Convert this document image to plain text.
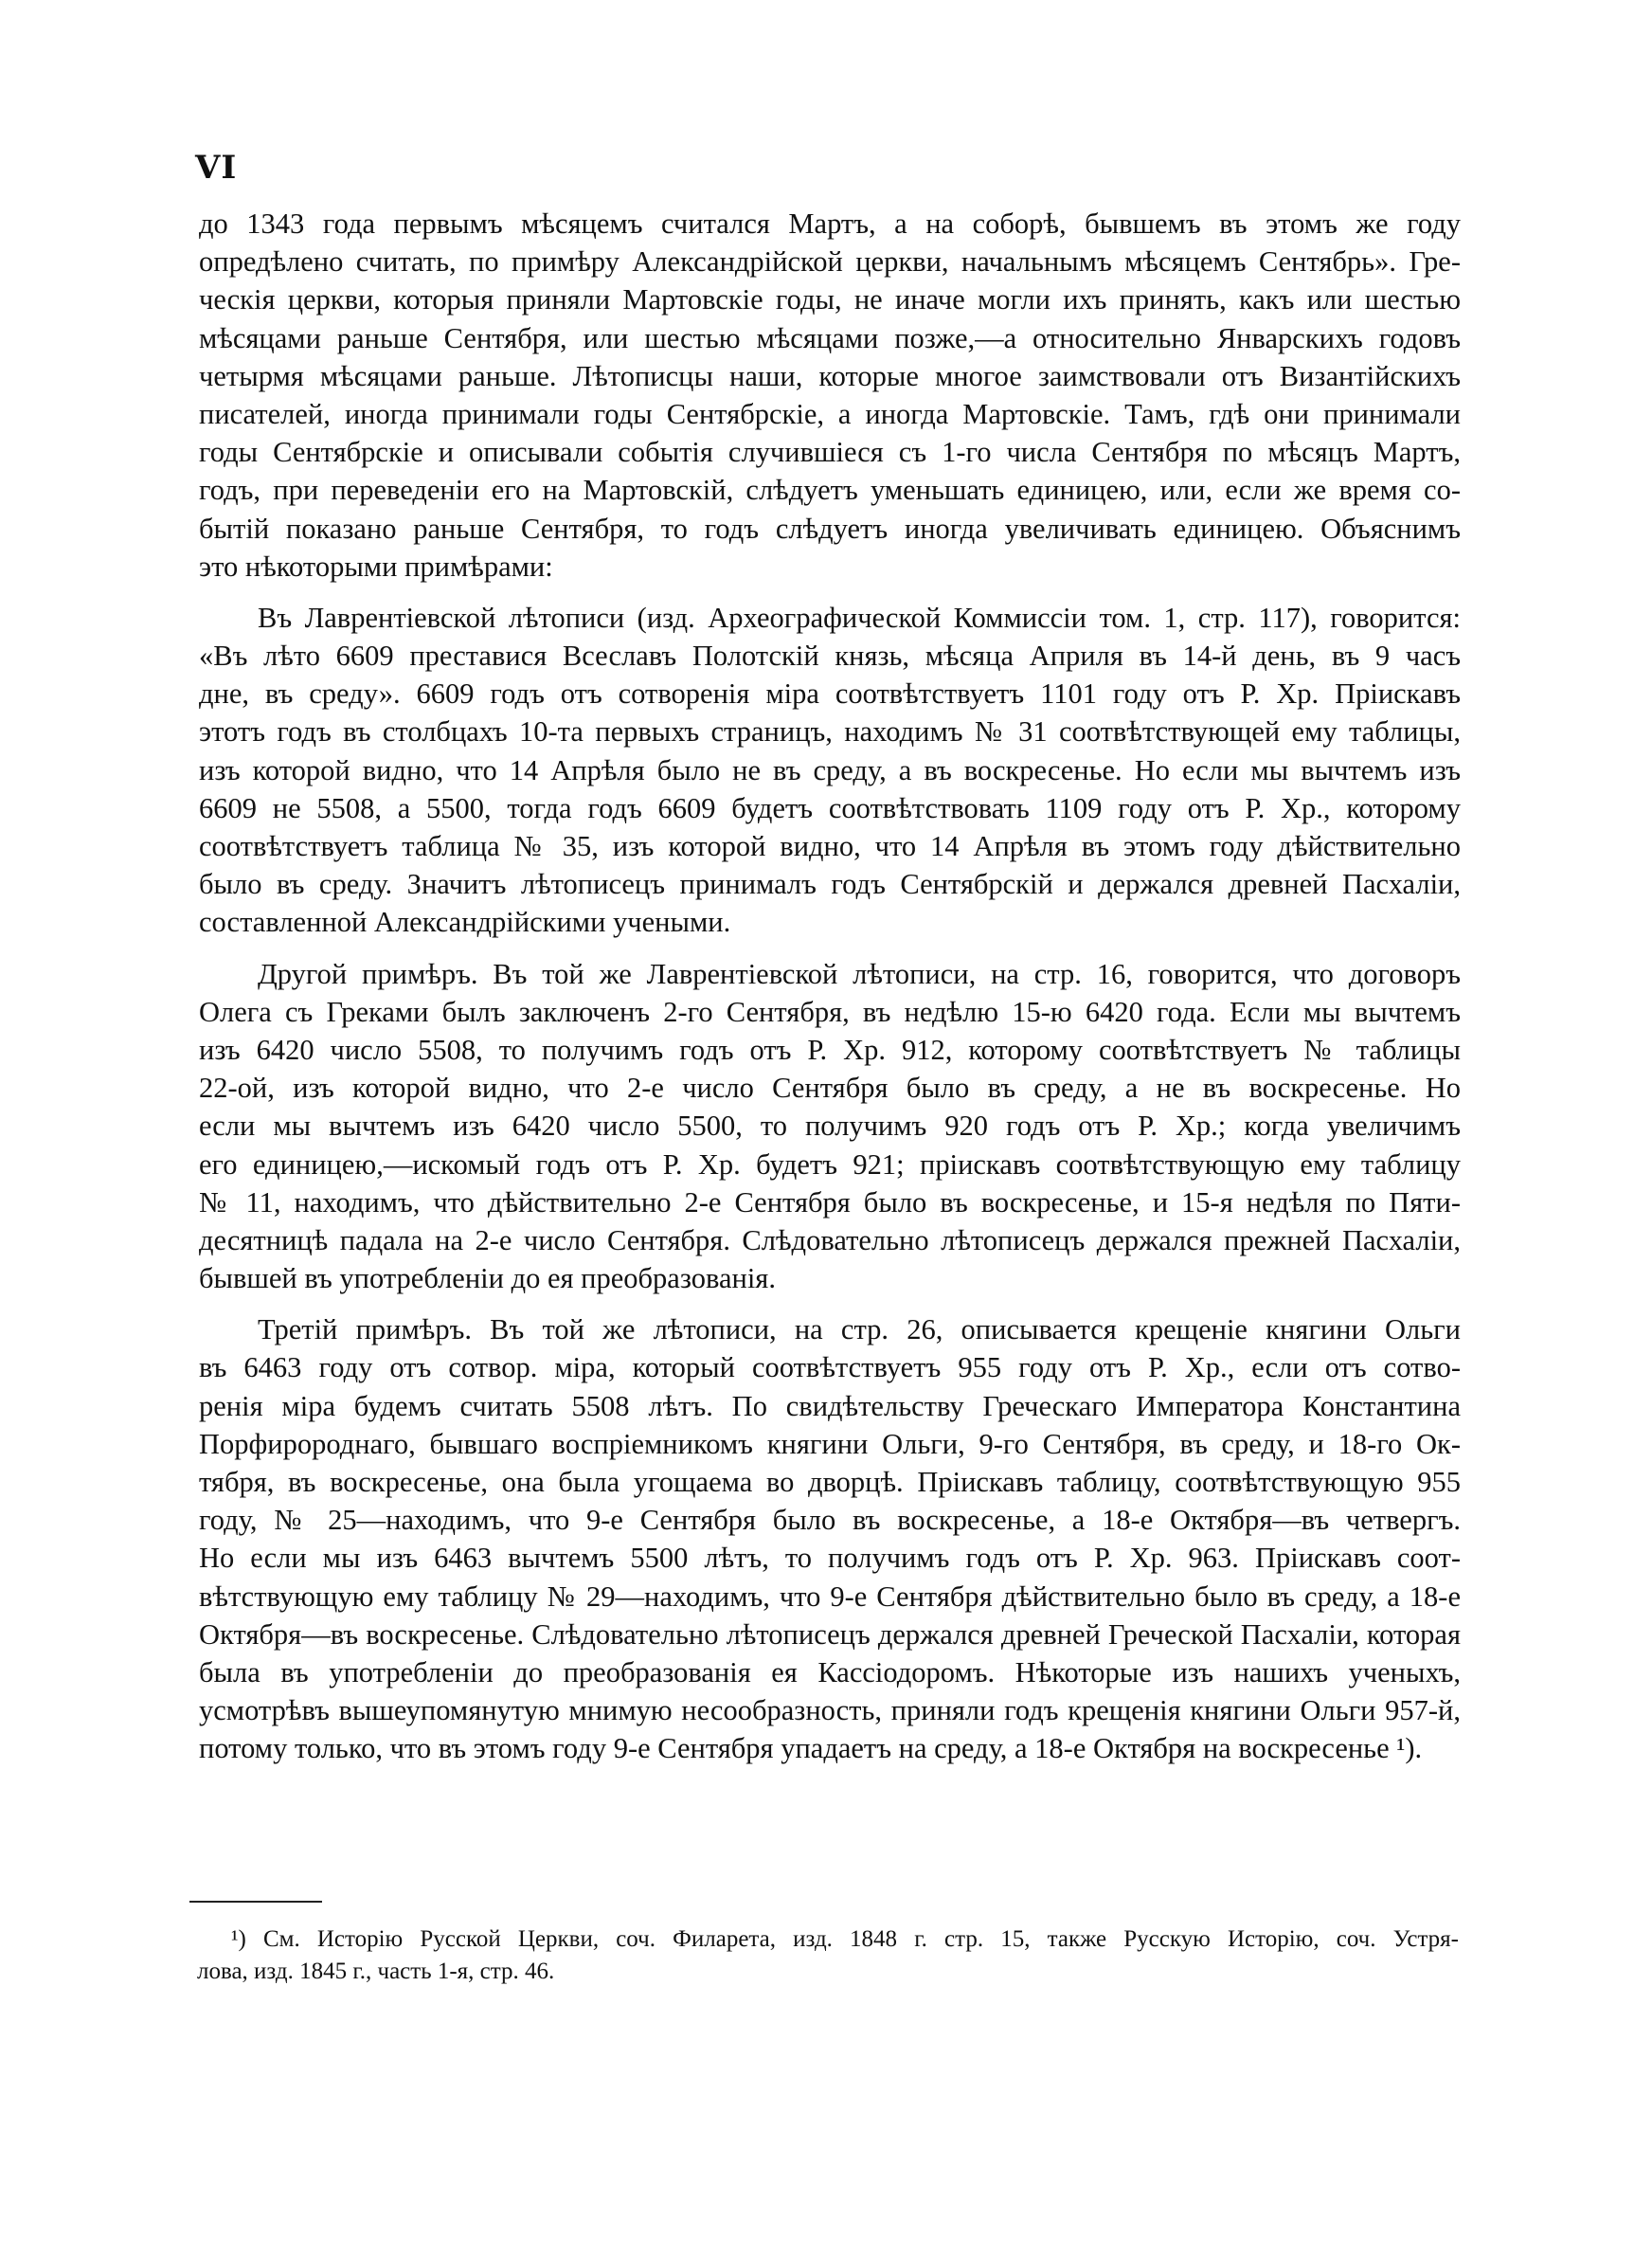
VI

до 1343 года первымъ мѣсяцемъ считался Мартъ, а на соборѣ, бывшемъ въ этомъ же году
опредѣлено считать, по примѣру Александрійской церкви, начальнымъ мѣсяцемъ Сентябрь». Гре-
ческія церкви, которыя приняли Мартовскіе годы, не иначе могли ихъ принять, какъ или шестью
мѣсяцами раньше Сентября, или шестью мѣсяцами позже,—а относительно Январскихъ годовъ
четырмя мѣсяцами раньше. Лѣтописцы наши, которые многое заимствовали отъ Византійскихъ
писателей, иногда принимали годы Сентябрскіе, а иногда Мартовскіе. Тамъ, гдѣ они принимали
годы Сентябрскіе и описывали событія случившіеся съ 1-го числа Сентября по мѣсяцъ Мартъ,
годъ, при переведеніи его на Мартовскій, слѣдуетъ уменьшать единицею, или, если же время со-
бытій показано раньше Сентября, то годъ слѣдуетъ иногда увеличивать единицею. Объяснимъ
это нѣкоторыми примѣрами:

Въ Лаврентіевской лѣтописи (изд. Археографической Коммиссіи том. 1, стр. 117), говорится:
«Въ лѣто 6609 преставися Всеславъ Полотскій князь, мѣсяца Априля въ 14-й день, въ 9 часъ
дне, въ среду». 6609 годъ отъ сотворенія міра соотвѣтствуетъ 1101 году отъ Р. Хр. Пріискавъ
этотъ годъ въ столбцахъ 10-та первыхъ страницъ, находимъ № 31 соотвѣтствующей ему таблицы,
изъ которой видно, что 14 Апрѣля было не въ среду, а въ воскресенье. Но если мы вычтемъ изъ
6609 не 5508, а 5500, тогда годъ 6609 будетъ соотвѣтствовать 1109 году отъ Р. Хр., которому
соотвѣтствуетъ таблица № 35, изъ которой видно, что 14 Апрѣля въ этомъ году дѣйствительно
было въ среду. Значитъ лѣтописецъ принималъ годъ Сентябрскій и держался древней Пасхаліи,
составленной Александрійскими учеными.

Другой примѣръ. Въ той же Лаврентіевской лѣтописи, на стр. 16, говорится, что договоръ
Олега съ Греками былъ заключенъ 2-го Сентября, въ недѣлю 15-ю 6420 года. Если мы вычтемъ
изъ 6420 число 5508, то получимъ годъ отъ Р. Хр. 912, которому соотвѣтствуетъ № таблицы
22-ой, изъ которой видно, что 2-е число Сентября было въ среду, а не въ воскресенье. Но
если мы вычтемъ изъ 6420 число 5500, то получимъ 920 годъ отъ Р. Хр.; когда увеличимъ
его единицею,—искомый годъ отъ Р. Хр. будетъ 921; пріискавъ соотвѣтствующую ему таблицу
№ 11, находимъ, что дѣйствительно 2-е Сентября было въ воскресенье, и 15-я недѣля по Пяти-
десятницѣ падала на 2-е число Сентября. Слѣдовательно лѣтописецъ держался прежней Пасхаліи,
бывшей въ употребленіи до ея преобразованія.

Третій примѣръ. Въ той же лѣтописи, на стр. 26, описывается крещеніе княгини Ольги
въ 6463 году отъ сотвор. міра, который соотвѣтствуетъ 955 году отъ Р. Хр., если отъ сотво-
ренія міра будемъ считать 5508 лѣтъ. По свидѣтельству Греческаго Императора Константина
Порфиророднаго, бывшаго воспріемникомъ княгини Ольги, 9-го Сентября, въ среду, и 18-го Ок-
тября, въ воскресенье, она была угощаема во дворцѣ. Пріискавъ таблицу, соотвѣтствующую 955
году, № 25—находимъ, что 9-е Сентября было въ воскресенье, а 18-е Октября—въ четвергъ.
Но если мы изъ 6463 вычтемъ 5500 лѣтъ, то получимъ годъ отъ Р. Хр. 963. Пріискавъ соот-
вѣтствующую ему таблицу № 29—находимъ, что 9-е Сентября дѣйствительно было въ среду, а 18-е
Октября—въ воскресенье. Слѣдовательно лѣтописецъ держался древней Греческой Пасхаліи, которая
была въ употребленіи до преобразованія ея Кассіодоромъ. Нѣкоторые изъ нашихъ ученыхъ,
усмотрѣвъ вышеупомянутую мнимую несообразность, приняли годъ крещенія княгини Ольги 957-й,
потому только, что въ этомъ году 9-е Сентября упадаетъ на среду, а 18-е Октября на воскресенье ¹).

¹) См. Исторію Русской Церкви, соч. Филарета, изд. 1848 г. стр. 15, также Русскую Исторію, соч. Устря-
лова, изд. 1845 г., часть 1-я, стр. 46.
